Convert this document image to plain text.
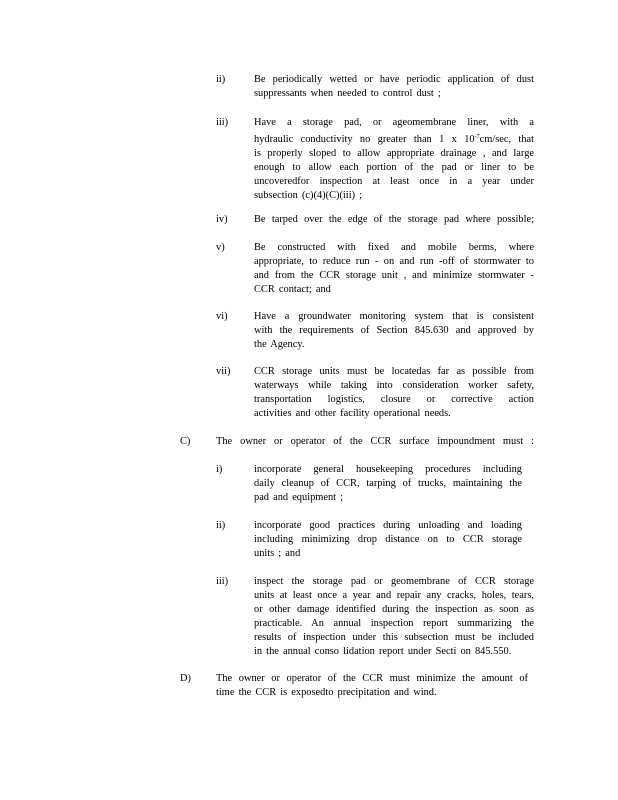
ii)	Be periodically wetted or have periodic application of dust
suppressants when needed to control dust ;
iii) Have a storage pad, or ageomembrane liner, with a
hydraulic conductivity no greater than 1 x $10^{-7}cm/\sec$, that
is properly sloped to allow appropriate drainage , and large
enough to allow each portion of the pad or liner to be
uncoveredfor inspection at least once in a year under
subsection (c)(4)(C)(iii) ;
iv)	Be tarped over the edge of the storage pad where possible;
v)	Be constructed with fixed and mobile berms, where
appropriate, to reduce run - on and run -off of stormwater to
and from the CCR storage unit , and minimize stormwater -
CCR contact; and
vi)	Have a groundwater monitoring system that is consistent
with the requirements of Section 845.630 and approved by
the Agency.
vii) CCR storage units must be locatedas far as possible from
waterways while taking into consideration worker safety,
transportation logistics, closure or corrective action
activities and other facility operational needs.
C) The owner or operator of the CCR surface impoundment must :
i)	incorporate general housekeeping procedures including
daily cleanup of CCR, tarping of trucks, maintaining the
pad and equipment ;
ii)	incorporate good practices during unloading and loading
including minimizing drop distance on to CCR storage
units ; and
iii) inspect the storage pad or geomembrane of CCR storage
units at least once a year and repair any cracks, holes, tears,
or other damage identified during the inspection as soon as
practicable. An annual inspection report summarizing the
results of inspection under this subsection must be included
in the annual conso lidation report under Secti on 845.550.
D) The owner or operator of the CCR must minimize the amount of
time the CCR is exposedto precipitation and wind.
